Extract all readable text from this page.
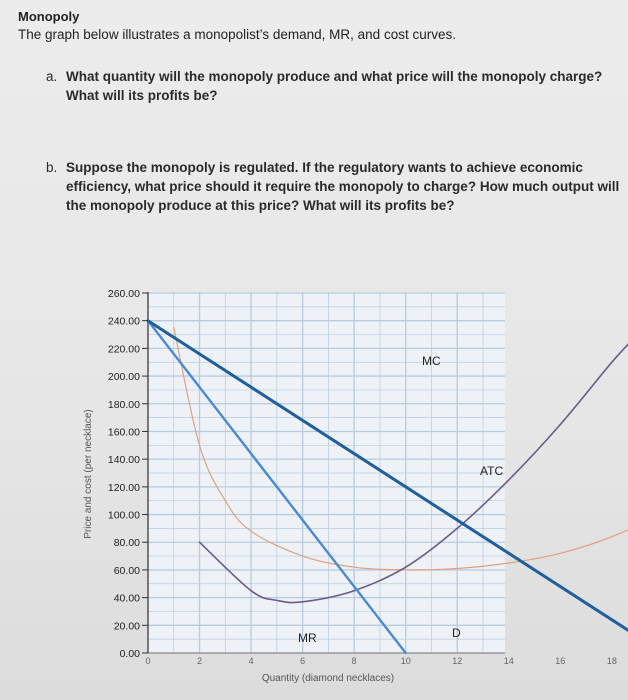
Monopoly
The graph below illustrates a monopolist’s demand, MR, and cost curves.
a. What quantity will the monopoly produce and what price will the monopoly charge? What will its profits be?
b. Suppose the monopoly is regulated. If the regulatory wants to achieve economic efficiency, what price should it require the monopoly to charge? How much output will the monopoly produce at this price? What will its profits be?
0.00
20.00
40.00
60.00
80.00
100.00
120.00
140.00
160.00
180.00
200.00
220.00
240.00
260.00
0	2	4	6	8	10	12	14	16	18
Price and cost (per necklace)
Quantity (diamond necklaces)
MC
ATC
MR	D
